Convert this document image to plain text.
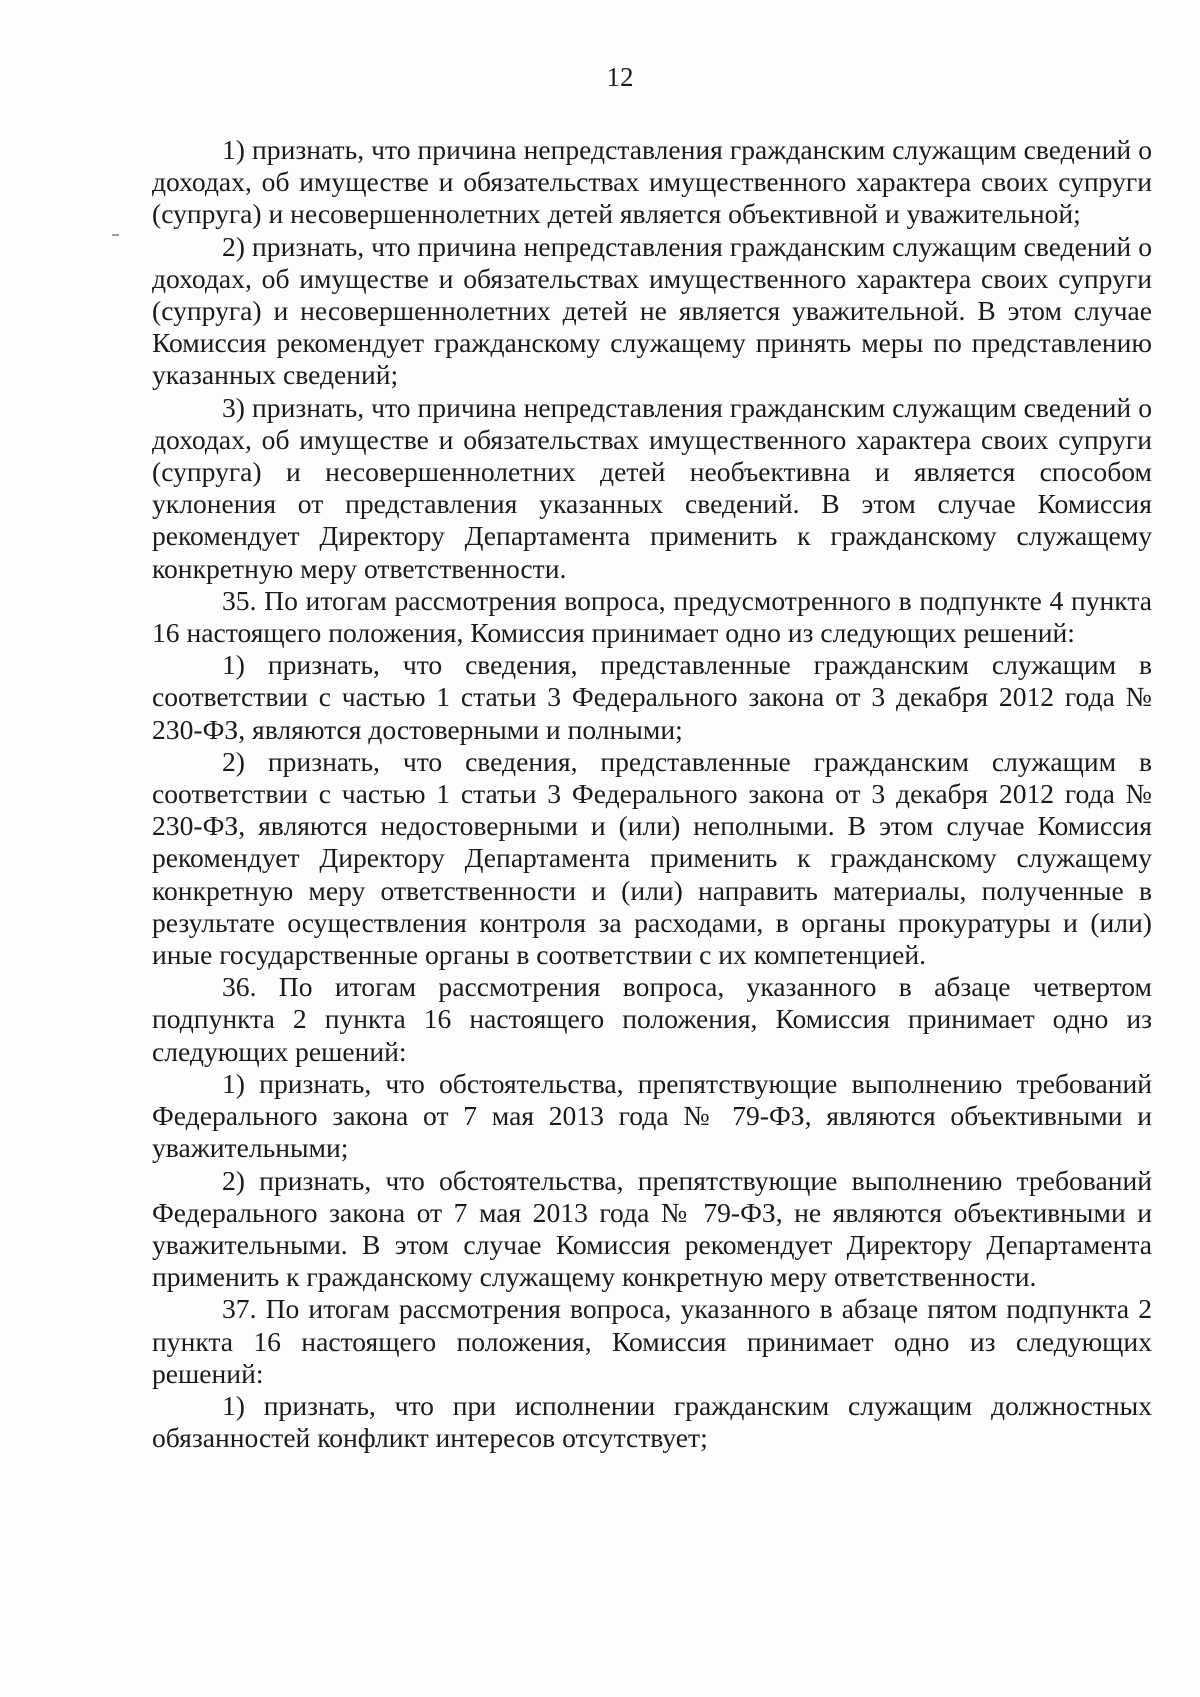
12

1) признать, что причина непредставления гражданским служащим сведений о доходах, об имуществе и обязательствах имущественного характера своих супруги (супруга) и несовершеннолетних детей является объективной и уважительной;

2) признать, что причина непредставления гражданским служащим сведений о доходах, об имуществе и обязательствах имущественного характера своих супруги (супруга) и несовершеннолетних детей не является уважительной. В этом случае Комиссия рекомендует гражданскому служащему принять меры по представлению указанных сведений;

3) признать, что причина непредставления гражданским служащим сведений о доходах, об имуществе и обязательствах имущественного характера своих супруги (супруга) и несовершеннолетних детей необъективна и является способом уклонения от представления указанных сведений. В этом случае Комиссия рекомендует Директору Департамента применить к гражданскому служащему конкретную меру ответственности.

35. По итогам рассмотрения вопроса, предусмотренного в подпункте 4 пункта 16 настоящего положения, Комиссия принимает одно из следующих решений:

1) признать, что сведения, представленные гражданским служащим в соответствии с частью 1 статьи 3 Федерального закона от 3 декабря 2012 года № 230-ФЗ, являются достоверными и полными;

2) признать, что сведения, представленные гражданским служащим в соответствии с частью 1 статьи 3 Федерального закона от 3 декабря 2012 года № 230-ФЗ, являются недостоверными и (или) неполными. В этом случае Комиссия рекомендует Директору Департамента применить к гражданскому служащему конкретную меру ответственности и (или) направить материалы, полученные в результате осуществления контроля за расходами, в органы прокуратуры и (или) иные государственные органы в соответствии с их компетенцией.

36. По итогам рассмотрения вопроса, указанного в абзаце четвертом подпункта 2 пункта 16 настоящего положения, Комиссия принимает одно из следующих решений:

1) признать, что обстоятельства, препятствующие выполнению требований Федерального закона от 7 мая 2013 года № 79-ФЗ, являются объективными и уважительными;

2) признать, что обстоятельства, препятствующие выполнению требований Федерального закона от 7 мая 2013 года № 79-ФЗ, не являются объективными и уважительными. В этом случае Комиссия рекомендует Директору Департамента применить к гражданскому служащему конкретную меру ответственности.

37. По итогам рассмотрения вопроса, указанного в абзаце пятом подпункта 2 пункта 16 настоящего положения, Комиссия принимает одно из следующих решений:

1) признать, что при исполнении гражданским служащим должностных обязанностей конфликт интересов отсутствует;
